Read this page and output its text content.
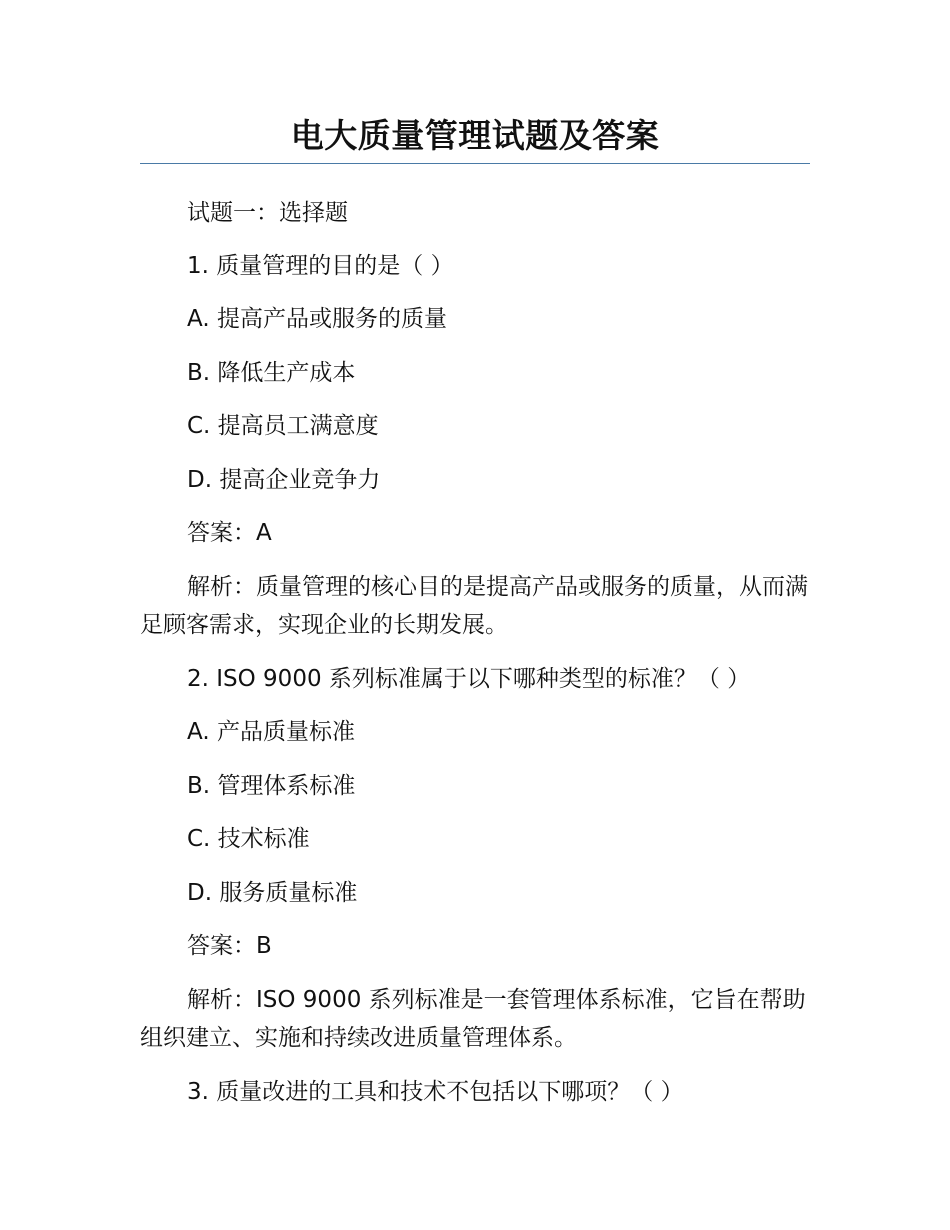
电大质量管理试题及答案

试题一：选择题

1. 质量管理的目的是（ ）

A. 提高产品或服务的质量

B. 降低生产成本

C. 提高员工满意度

D. 提高企业竞争力

答案：A

解析：质量管理的核心目的是提高产品或服务的质量，从而满足顾客需求，实现企业的长期发展。

2. ISO 9000 系列标准属于以下哪种类型的标准？（ ）

A. 产品质量标准

B. 管理体系标准

C. 技术标准

D. 服务质量标准

答案：B

解析：ISO 9000 系列标准是一套管理体系标准，它旨在帮助组织建立、实施和持续改进质量管理体系。

3. 质量改进的工具和技术不包括以下哪项？（ ）
